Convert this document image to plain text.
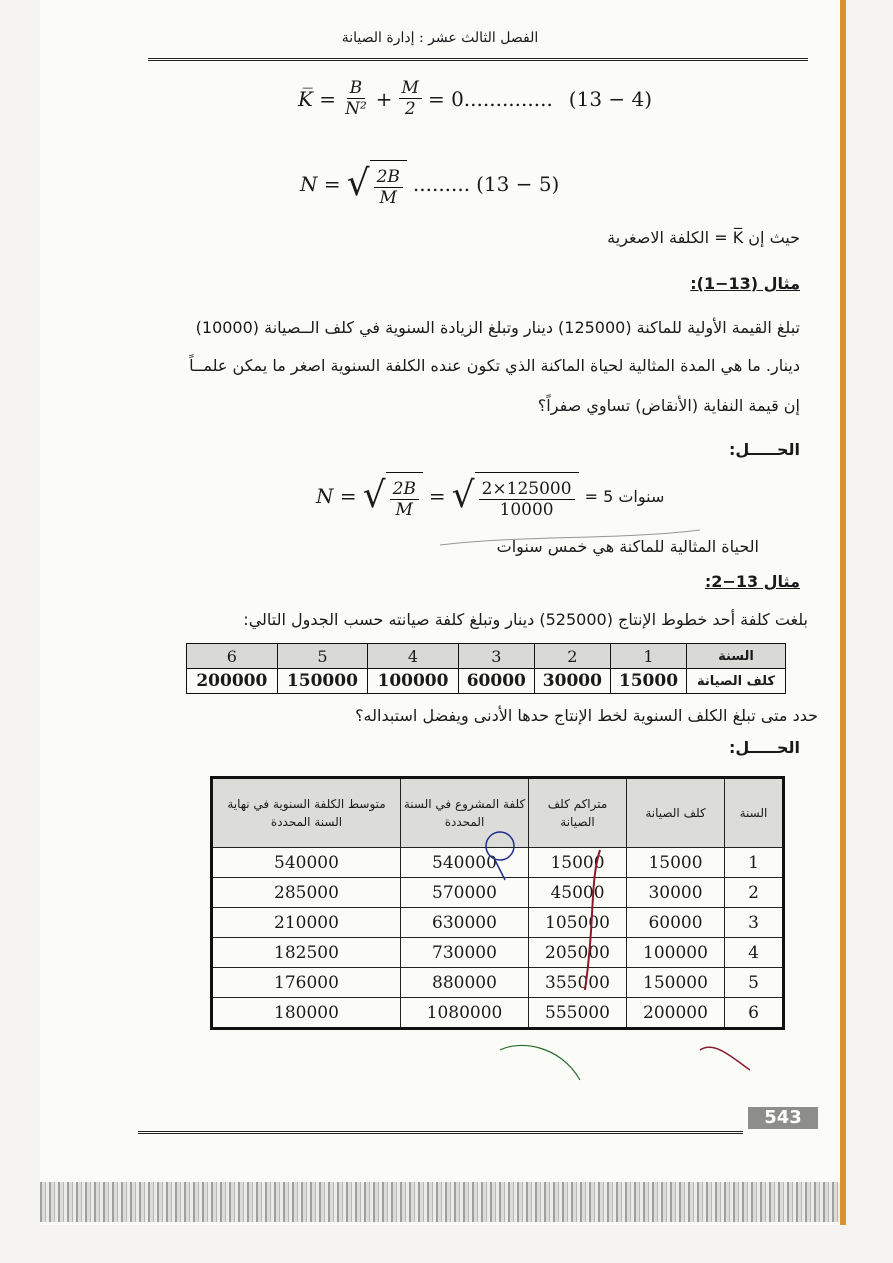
الفصل الثالث عشر : إدارة الصيانة
K̅ = $\frac{B}{\text{N²}} + \frac{M}{2} = 0$.............. (13 − 4)
N = √ $\frac{2B}{M}$ ......... (13 − 5)
حيث إن K̅ = الكلفة الاصغرية
مثال (13−1):
تبلغ القيمة الأولية للماكنة (125000) دينار وتبلغ الزيادة السنوية في كلف الــصيانة (10000)
دينار. ما هي المدة المثالية لحياة الماكنة الذي تكون عنده الكلفة السنوية اصغر ما يمكن علمــاً
إن قيمة النفاية (الأنقاض) تساوي صفراً؟
الحـــــل:
N = √ $\frac{2B}{M}$ = √ $\frac{2\times 125000}{10000} = 5$ سنوات
الحياة المثالية للماكنة هي خمس سنوات
مثال 13−2:
بلغت كلفة أحد خطوط الإنتاج (525000) دينار وتبلغ كلفة صيانته حسب الجدول التالي:
السنة	1	2	3	4	5	6
كلف الصيانة	15000	30000	60000	100000	150000	200000
حدد متى تبلغ الكلف السنوية لخط الإنتاج حدها الأدنى ويفضل استبداله؟
الحـــــل:
السنة	كلف الصيانة	متراكم كلف الصيانة	كلفة المشروع في السنة المحددة	متوسط الكلفة السنوية في نهاية السنة المحددة
1	15000	15000	540000	540000
2	30000	45000	570000	285000
3	60000	105000	630000	210000
4	100000	205000	730000	182500
5	150000	355000	880000	176000
6	200000	555000	1080000	180000
543
